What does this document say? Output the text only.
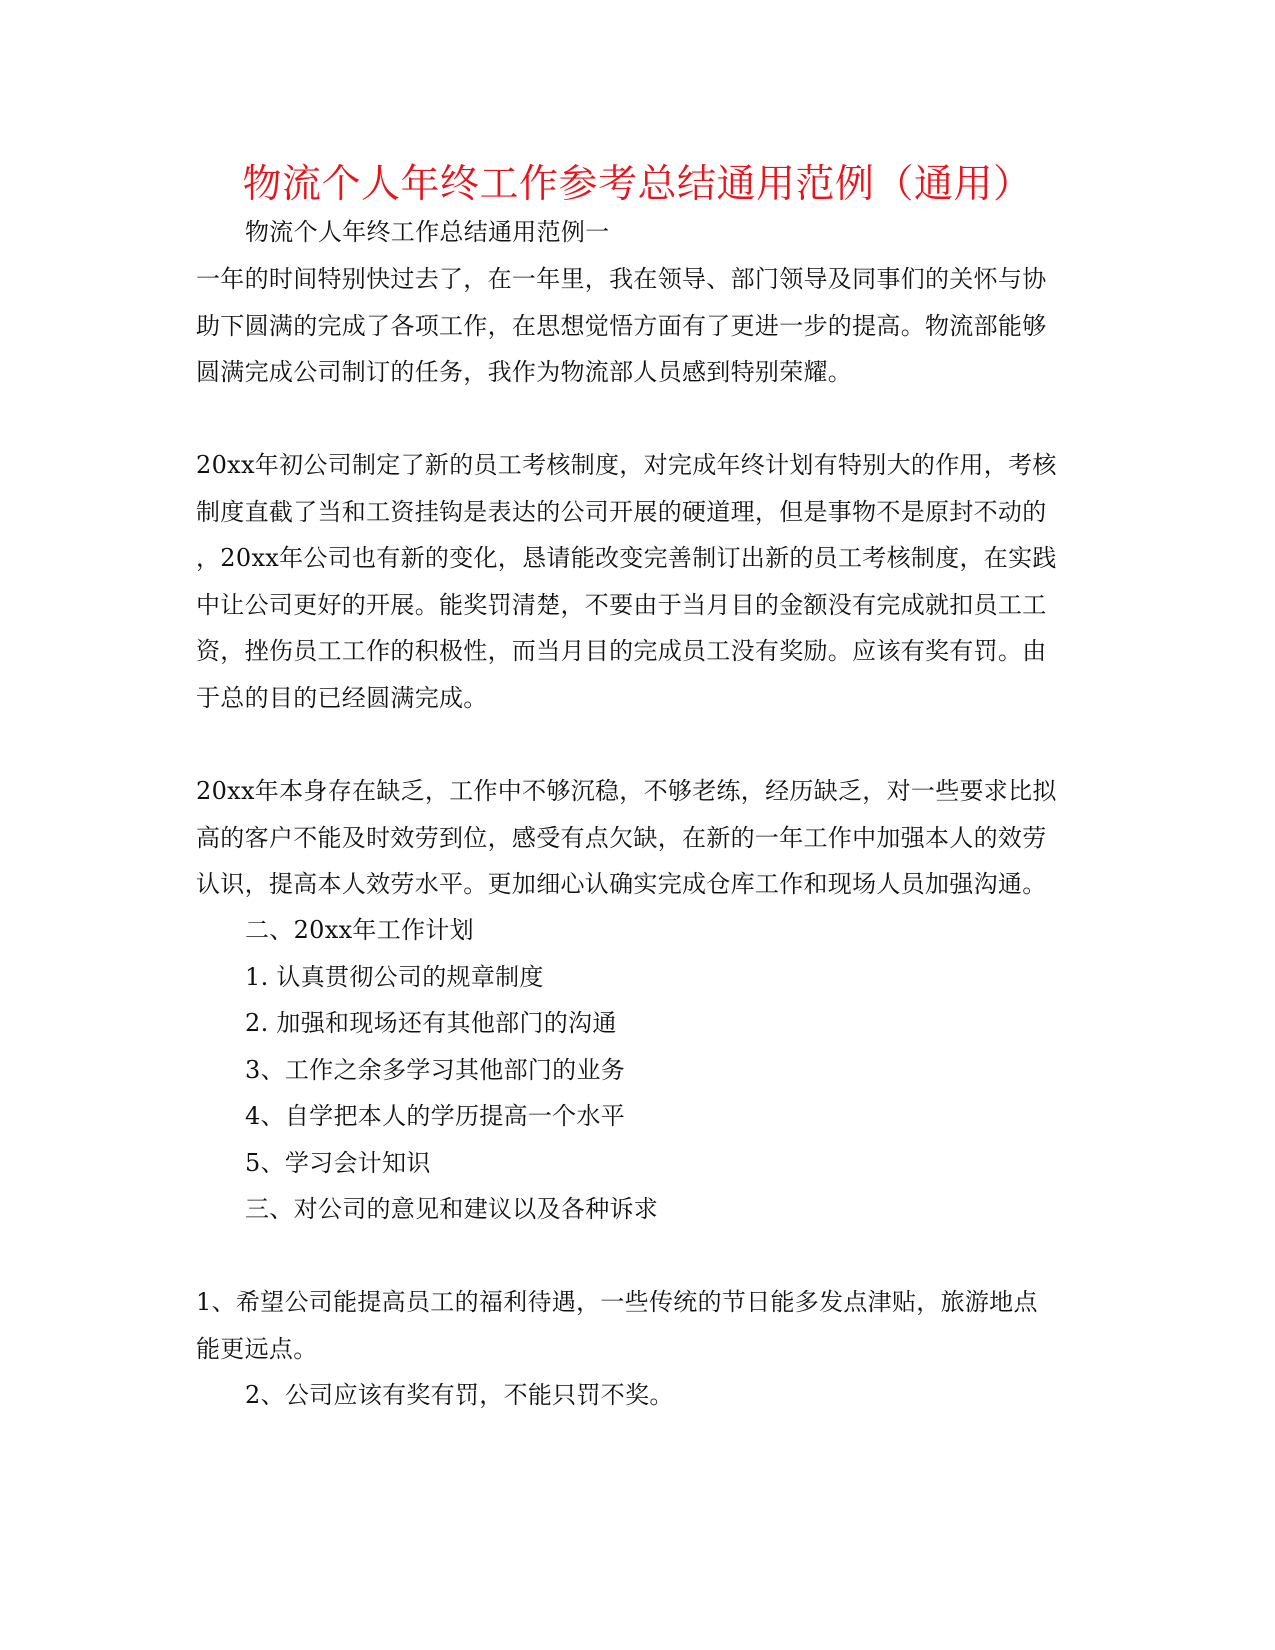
物流个人年终工作参考总结通用范例（通用）
物流个人年终工作总结通用范例一
一年的时间特别快过去了，在一年里，我在领导、部门领导及同事们的关怀与协
助下圆满的完成了各项工作，在思想觉悟方面有了更进一步的提高。物流部能够
圆满完成公司制订的任务，我作为物流部人员感到特别荣耀。
20xx年初公司制定了新的员工考核制度，对完成年终计划有特别大的作用，考核
制度直截了当和工资挂钩是表达的公司开展的硬道理，但是事物不是原封不动的
，20xx年公司也有新的变化，恳请能改变完善制订出新的员工考核制度，在实践
中让公司更好的开展。能奖罚清楚，不要由于当月目的金额没有完成就扣员工工
资，挫伤员工工作的积极性，而当月目的完成员工没有奖励。应该有奖有罚。由
于总的目的已经圆满完成。
20xx年本身存在缺乏，工作中不够沉稳，不够老练，经历缺乏，对一些要求比拟
高的客户不能及时效劳到位，感受有点欠缺，在新的一年工作中加强本人的效劳
认识，提高本人效劳水平。更加细心认确实完成仓库工作和现场人员加强沟通。
二、20xx年工作计划
1. 认真贯彻公司的规章制度
2. 加强和现场还有其他部门的沟通
3、工作之余多学习其他部门的业务
4、自学把本人的学历提高一个水平
5、学习会计知识
三、对公司的意见和建议以及各种诉求
1、希望公司能提高员工的福利待遇，一些传统的节日能多发点津贴，旅游地点
能更远点。
2、公司应该有奖有罚，不能只罚不奖。
